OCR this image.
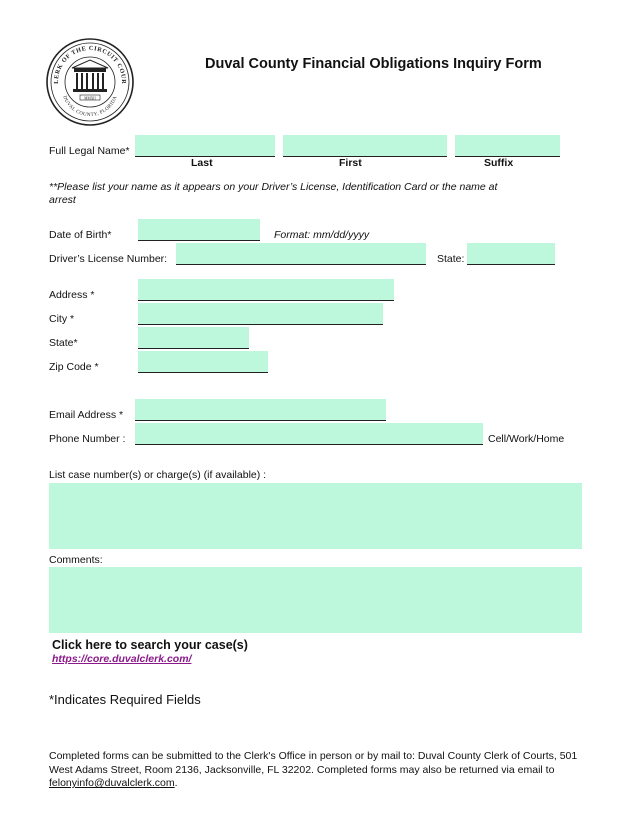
LERK OF THE CIRCUIT COUR
DUVAL COUNTY, FLORIDA
MMXII
Duval County Financial Obligations Inquiry Form
Full Legal Name*
Last	First	Suffix
**Please list your name as it appears on your Driver’s License, Identification Card or the name at arrest
Date of Birth*	Format: mm/dd/yyyy
Driver’s License Number:	State:
Address *
City *
State*
Zip Code *
Email Address *
Phone Number :	Cell/Work/Home
List case number(s) or charge(s) (if available) :
Comments:
Click here to search your case(s)
https://core.duvalclerk.com/
*Indicates Required Fields
Completed forms can be submitted to the Clerk's Office in person or by mail to: Duval County Clerk of Courts, 501 West Adams Street, Room 2136, Jacksonville, FL 32202. Completed forms may also be returned via email to felonyinfo@duvalclerk.com.
